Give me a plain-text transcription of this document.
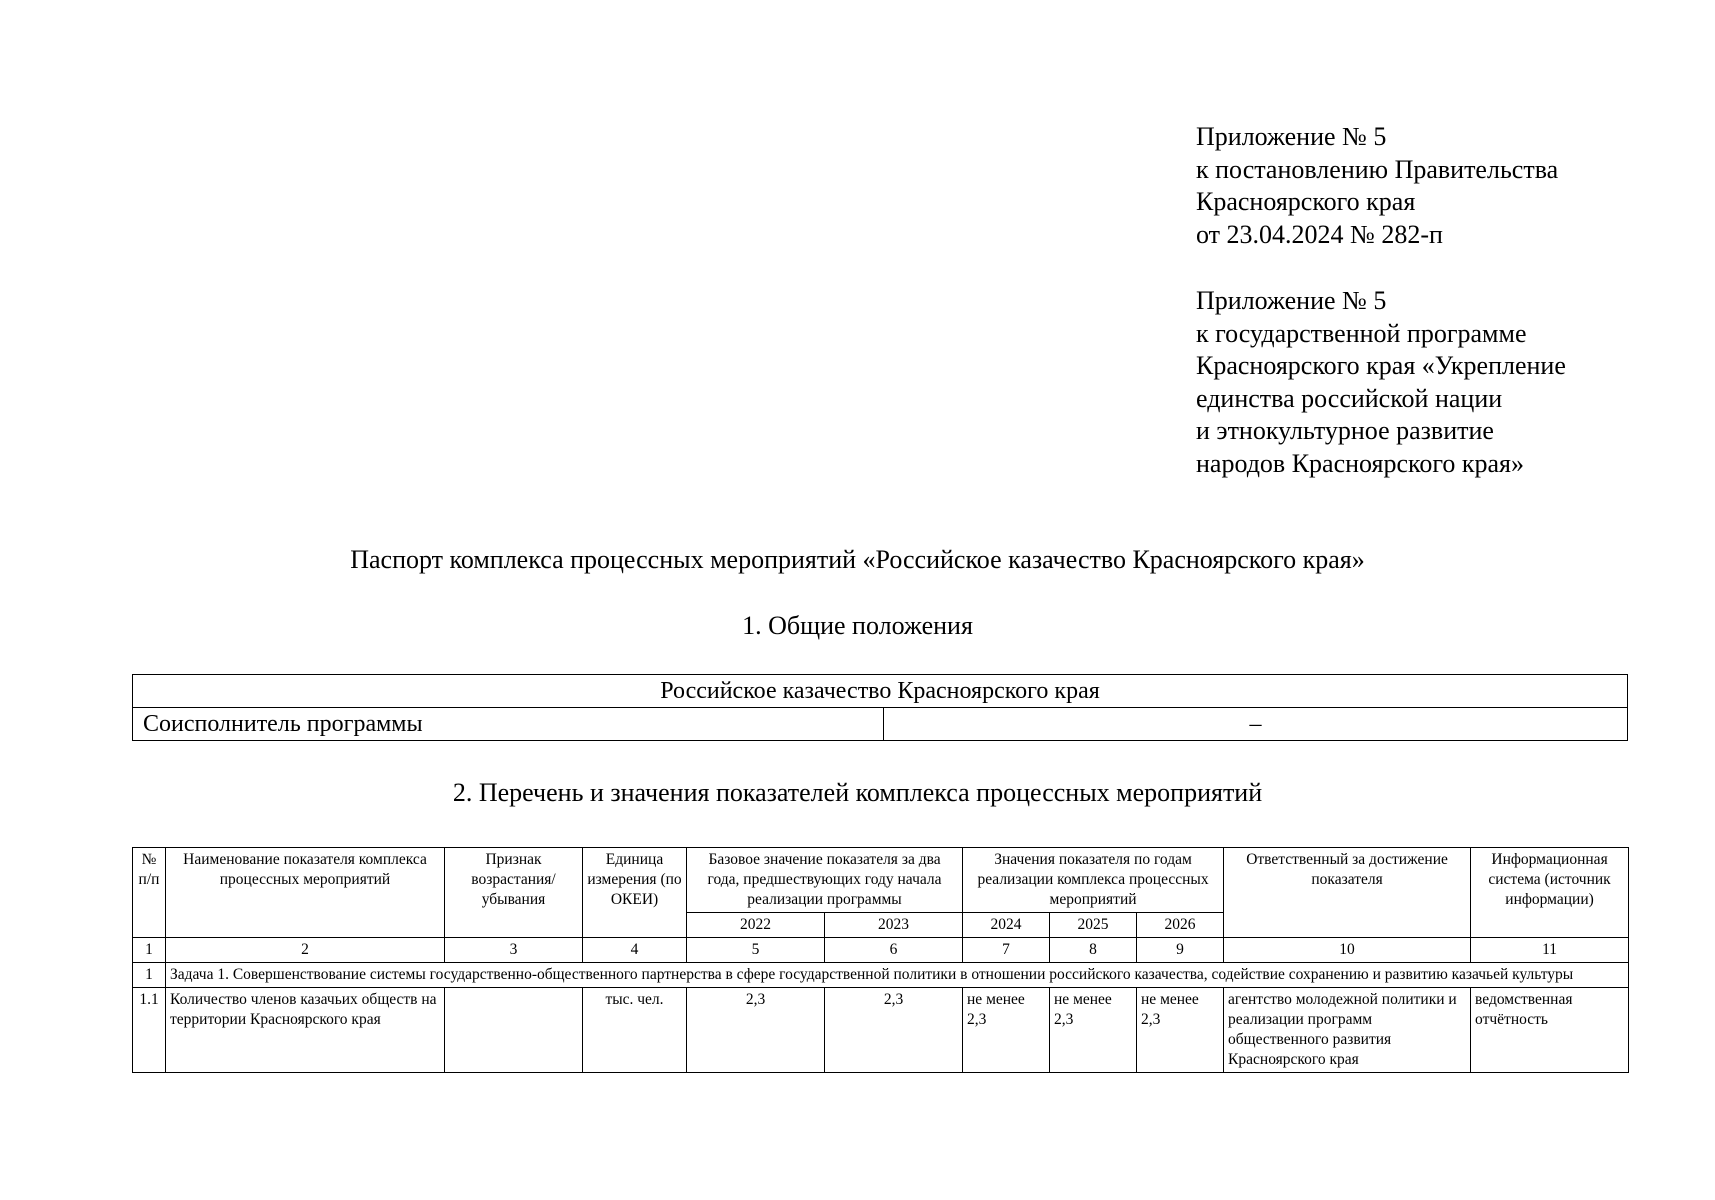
Приложение № 5
к постановлению Правительства
Красноярского края
от 23.04.2024 № 282-п
Приложение № 5
к государственной программе
Красноярского края «Укрепление
единства российской нации
и этнокультурное развитие
народов Красноярского края»
Паспорт комплекса процессных мероприятий «Российское казачество Красноярского края»
1. Общие положения
Российское казачество Красноярского края
Соисполнитель программы	–
2. Перечень и значения показателей комплекса процессных мероприятий
№ п/п	Наименование показателя комплекса процессных мероприятий	Признак возрастания/ убывания	Единица измерения (по ОКЕИ)	Базовое значение показателя за два года, предшествующих году начала реализации программы		Значения показателя по годам реализации комплекса процессных мероприятий			Ответственный за достижение показателя	Информационная система (источник информации)
				2022	2023	2024	2025	2026		
1	2	3	4	5	6	7	8	9	10	11
1	Задача 1. Совершенствование системы государственно-общественного партнерства в сфере государственной политики в отношении российского казачества, содействие сохранению и развитию казачьей культуры									
1.1	Количество членов казачьих обществ на территории Красноярского края		тыс. чел.	2,3	2,3	не менее 2,3	не менее 2,3	не менее 2,3	агентство молодежной политики и реализации программ общественного развития Красноярского края	ведомственная отчётность
